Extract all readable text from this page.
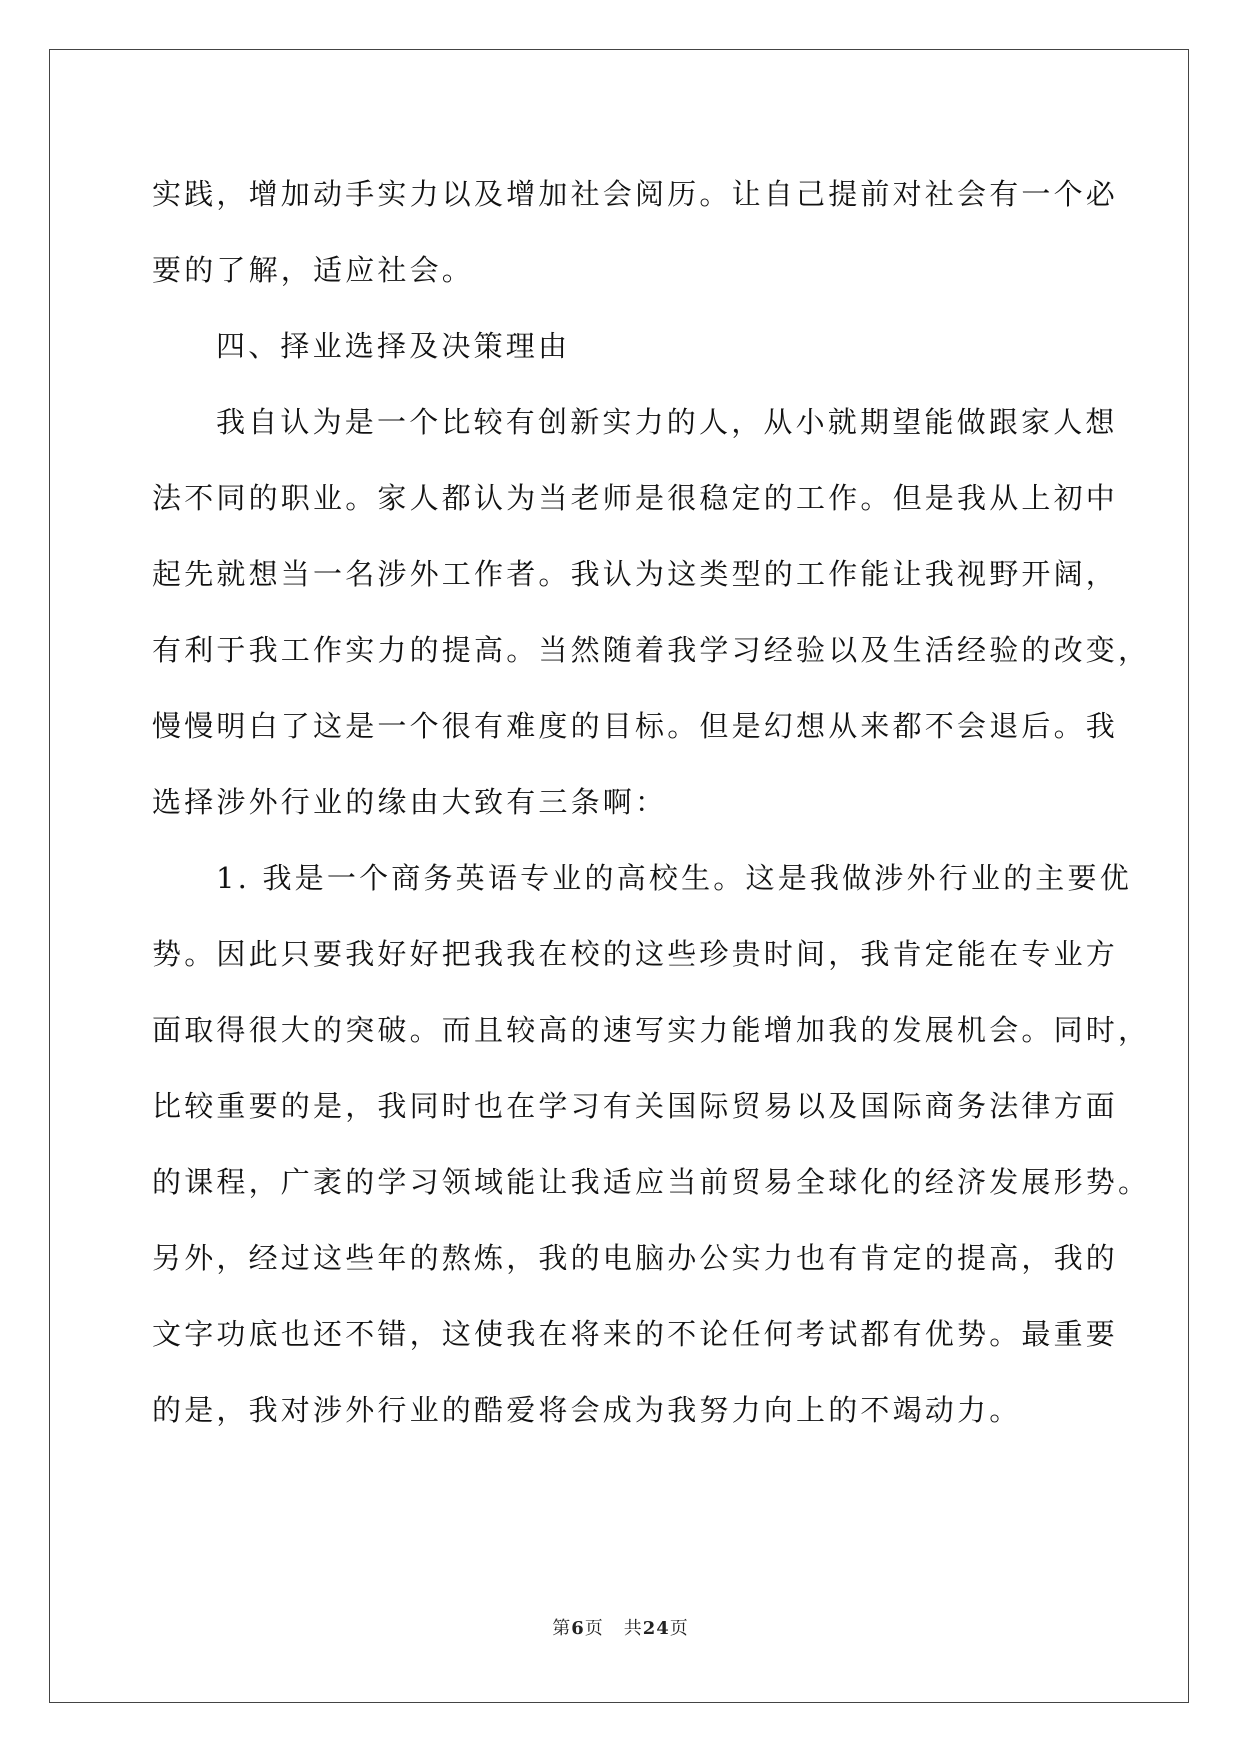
实践，增加动手实力以及增加社会阅历。让自己提前对社会有一个必
要的了解，适应社会。
四、择业选择及决策理由
我自认为是一个比较有创新实力的人，从小就期望能做跟家人想
法不同的职业。家人都认为当老师是很稳定的工作。但是我从上初中
起先就想当一名涉外工作者。我认为这类型的工作能让我视野开阔，
有利于我工作实力的提高。当然随着我学习经验以及生活经验的改变，
慢慢明白了这是一个很有难度的目标。但是幻想从来都不会退后。我
选择涉外行业的缘由大致有三条啊：
1. 我是一个商务英语专业的高校生。这是我做涉外行业的主要优
势。因此只要我好好把我我在校的这些珍贵时间，我肯定能在专业方
面取得很大的突破。而且较高的速写实力能增加我的发展机会。同时，
比较重要的是，我同时也在学习有关国际贸易以及国际商务法律方面
的课程，广袤的学习领域能让我适应当前贸易全球化的经济发展形势。
另外，经过这些年的熬炼，我的电脑办公实力也有肯定的提高，我的
文字功底也还不错，这使我在将来的不论任何考试都有优势。最重要
的是，我对涉外行业的酷爱将会成为我努力向上的不竭动力。
第6页 共24页
